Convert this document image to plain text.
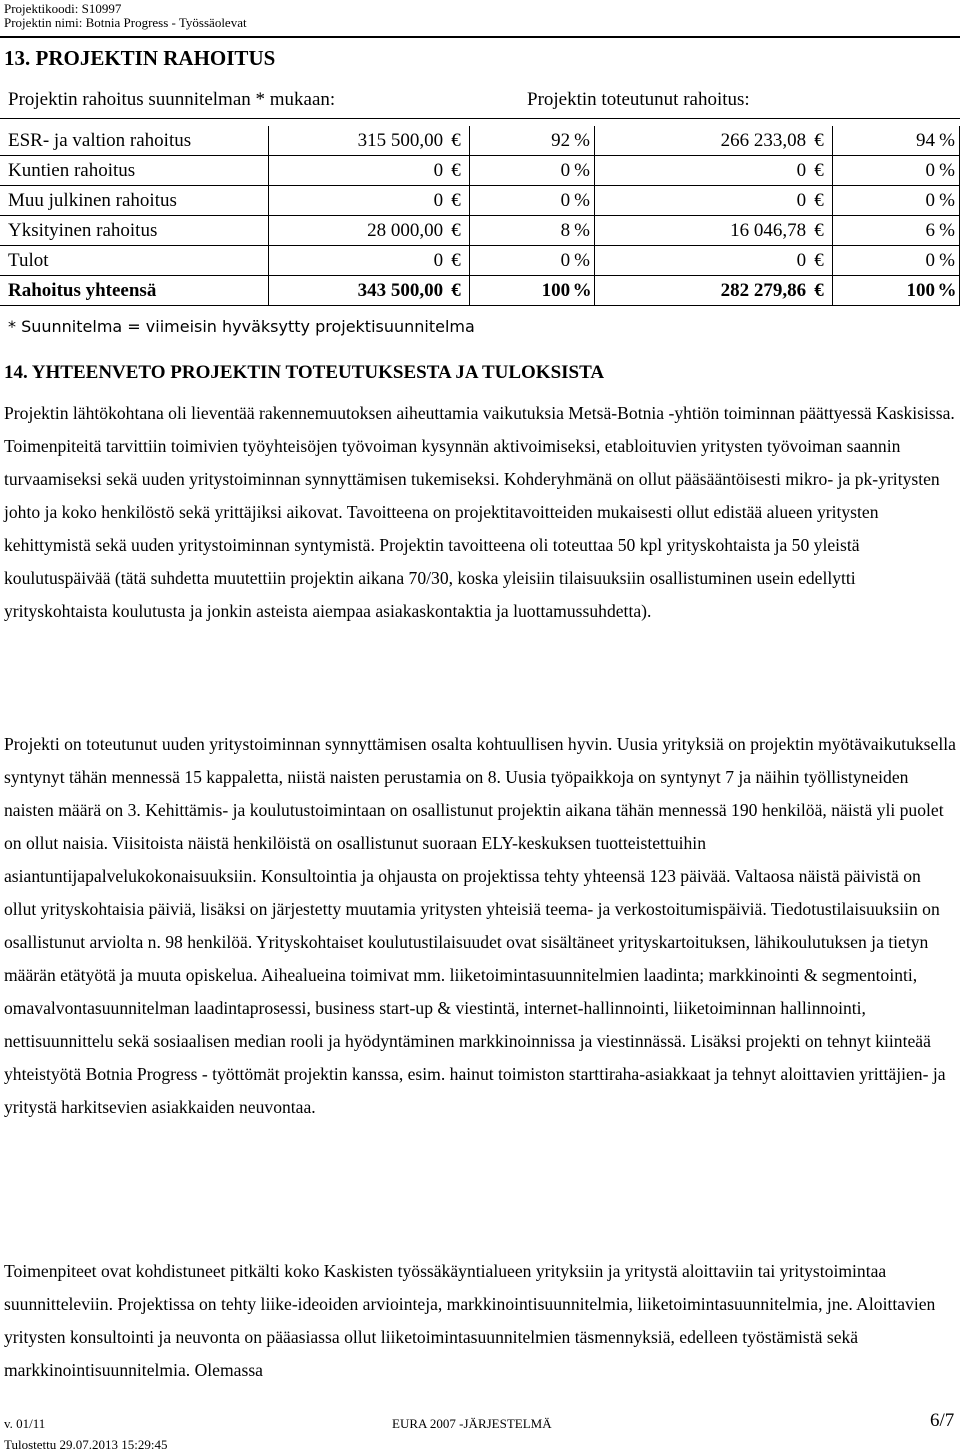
Projektikoodi: S10997
Projektin nimi: Botnia Progress - Työssäolevat
13. PROJEKTIN RAHOITUS
Projektin rahoitus suunnitelman * mukaan:	Projektin toteutunut rahoitus:
ESR- ja valtion rahoitus	315 500,00	€	92	%	266 233,08	€	94	%
Kuntien rahoitus	0	€	0	%	0	€	0	%
Muu julkinen rahoitus	0	€	0	%	0	€	0	%
Yksityinen rahoitus	28 000,00	€	8	%	16 046,78	€	6	%
Tulot	0	€	0	%	0	€	0	%
Rahoitus yhteensä	343 500,00	€	100	%	282 279,86	€	100	%
* Suunnitelma = viimeisin hyväksytty projektisuunnitelma
14. YHTEENVETO PROJEKTIN TOTEUTUKSESTA JA TULOKSISTA

Projektin lähtökohtana oli lieventää rakennemuutoksen aiheuttamia vaikutuksia Metsä-Botnia -yhtiön toiminnan päättyessä Kaskisissa. Toimenpiteitä tarvittiin toimivien työyhteisöjen työvoiman kysynnän aktivoimiseksi, etabloituvien yritysten työvoiman saannin turvaamiseksi sekä uuden yritystoiminnan synnyttämisen tukemiseksi. Kohderyhmänä on ollut pääsääntöisesti mikro- ja pk-yritysten johto ja koko henkilöstö sekä yrittäjiksi aikovat. Tavoitteena on projektitavoitteiden mukaisesti ollut edistää alueen yritysten kehittymistä sekä uuden yritystoiminnan syntymistä. Projektin tavoitteena oli toteuttaa 50 kpl yrityskohtaista ja 50 yleistä koulutuspäivää (tätä suhdetta muutettiin projektin aikana 70/30, koska yleisiin tilaisuuksiin osallistuminen usein edellytti yrityskohtaista koulutusta ja jonkin asteista aiempaa asiakaskontaktia ja luottamussuhdetta).

Projekti on toteutunut uuden yritystoiminnan synnyttämisen osalta kohtuullisen hyvin. Uusia yrityksiä on projektin myötävaikutuksella syntynyt tähän mennessä 15 kappaletta, niistä naisten perustamia on 8. Uusia työpaikkoja on syntynyt 7 ja näihin työllistyneiden naisten määrä on 3. Kehittämis- ja koulutustoimintaan on osallistunut projektin aikana tähän mennessä 190 henkilöä, näistä yli puolet on ollut naisia. Viisitoista näistä henkilöistä on osallistunut suoraan ELY-keskuksen tuotteistettuihin asiantuntijapalvelukokonaisuuksiin. Konsultointia ja ohjausta on projektissa tehty yhteensä 123 päivää. Valtaosa näistä päivistä on ollut yrityskohtaisia päiviä, lisäksi on järjestetty muutamia yritysten yhteisiä teema- ja verkostoitumispäiviä. Tiedotustilaisuuksiin on osallistunut arviolta n. 98 henkilöä. Yrityskohtaiset koulutustilaisuudet ovat sisältäneet yrityskartoituksen, lähikoulutuksen ja tietyn määrän etätyötä ja muuta opiskelua. Aihealueina toimivat mm. liiketoimintasuunnitelmien laadinta; markkinointi & segmentointi, omavalvontasuunnitelman laadintaprosessi, business start-up & viestintä, internet-hallinnointi, liiketoiminnan hallinnointi, nettisuunnittelu sekä sosiaalisen median rooli ja hyödyntäminen markkinoinnissa ja viestinnässä. Lisäksi projekti on tehnyt kiinteää yhteistyötä Botnia Progress - työttömät projektin kanssa, esim. hainut toimiston starttiraha-asiakkaat ja tehnyt aloittavien yrittäjien- ja yritystä harkitsevien asiakkaiden neuvontaa.

Toimenpiteet ovat kohdistuneet pitkälti koko Kaskisten työssäkäyntialueen yrityksiin ja yritystä aloittaviin tai yritystoimintaa suunnitteleviin. Projektissa on tehty liike-ideoiden arviointeja, markkinointisuunnitelmia, liiketoimintasuunnitelmia, jne. Aloittavien yritysten konsultointi ja neuvonta on pääasiassa ollut liiketoimintasuunnitelmien täsmennyksiä, edelleen työstämistä sekä markkinointisuunnitelmia. Olemassa

v. 01/11	EURA 2007 -JÄRJESTELMÄ	6/7
Tulostettu 29.07.2013 15:29:45
